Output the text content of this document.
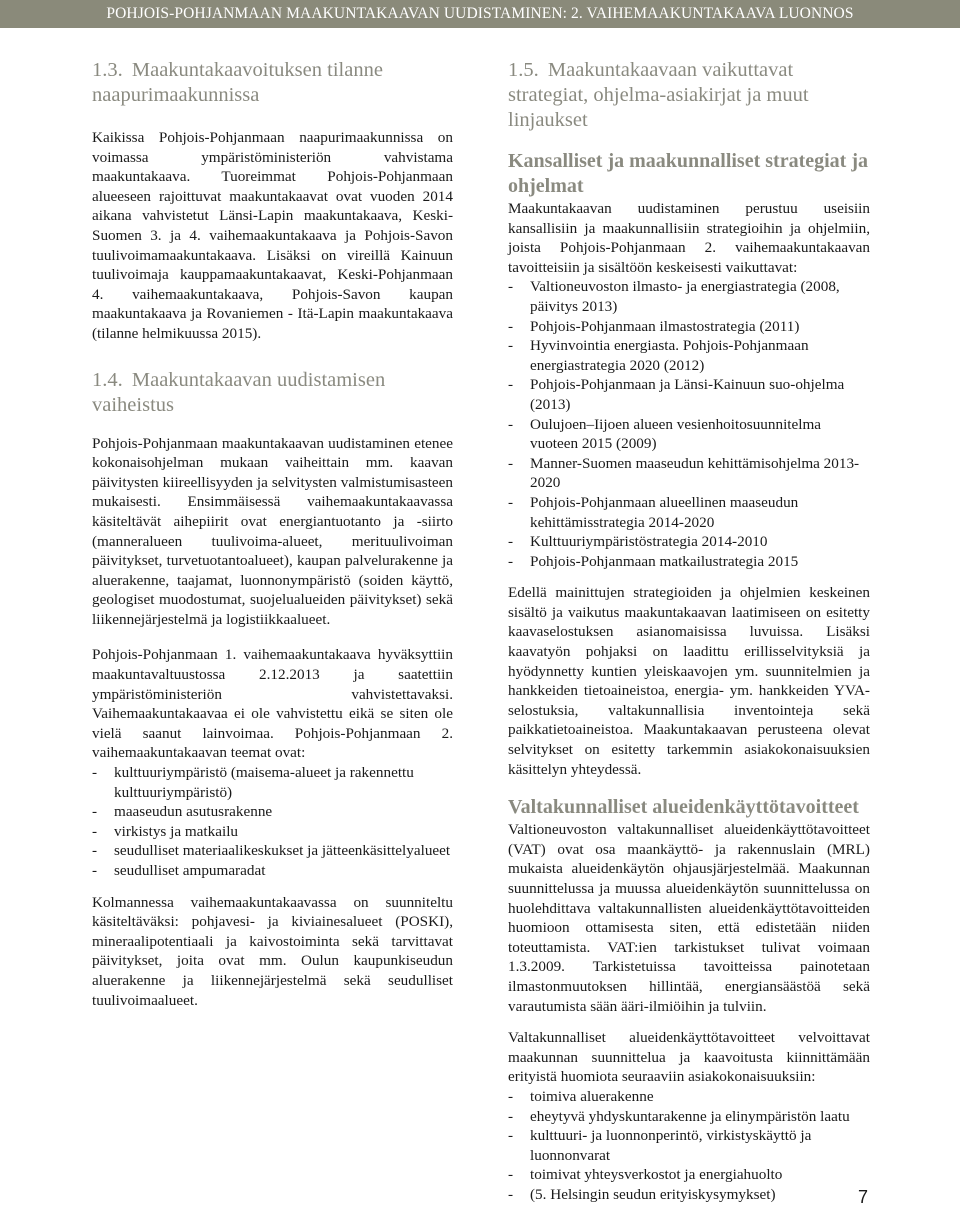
POHJOIS-POHJANMAAN MAAKUNTAKAAVAN UUDISTAMINEN: 2. VAIHEMAAKUNTAKAAVA LUONNOS
1.3. Maakuntakaavoituksen tilanne naapurimaakunnissa

Kaikissa Pohjois-Pohjanmaan naapurimaakunnissa on voimassa ympäristöministeriön vahvistama maakuntakaava. Tuoreimmat Pohjois-Pohjanmaan alueeseen rajoittuvat maakuntakaavat ovat vuoden 2014 aikana vahvistetut Länsi-Lapin maakuntakaava, Keski-Suomen 3. ja 4. vaihemaakuntakaava ja Pohjois-Savon tuulivoimamaakuntakaava. Lisäksi on vireillä Kainuun tuulivoimaja kauppamaakuntakaavat, Keski-Pohjanmaan 4. vaihemaakuntakaava, Pohjois-Savon kaupan maakuntakaava ja Rovaniemen - Itä-Lapin maakuntakaava (tilanne helmikuussa 2015).

1.4. Maakuntakaavan uudistamisen vaiheistus

Pohjois-Pohjanmaan maakuntakaavan uudistaminen etenee kokonaisohjelman mukaan vaiheittain mm. kaavan päivitysten kiireellisyyden ja selvitysten valmistumisasteen mukaisesti. Ensimmäisessä vaihemaakuntakaavassa käsiteltävät aihepiirit ovat energiantuotanto ja -siirto (manneralueen tuulivoima-alueet, merituulivoiman päivitykset, turvetuotantoalueet), kaupan palvelurakenne ja aluerakenne, taajamat, luonnonympäristö (soiden käyttö, geologiset muodostumat, suojelualueiden päivitykset) sekä liikennejärjestelmä ja logistiikkaalueet.

Pohjois-Pohjanmaan 1. vaihemaakuntakaava hyväksyttiin maakuntavaltuustossa 2.12.2013 ja saatettiin ympäristöministeriön vahvistettavaksi. Vaihemaakuntakaavaa ei ole vahvistettu eikä se siten ole vielä saanut lainvoimaa. Pohjois-Pohjanmaan 2. vaihemaakuntakaavan teemat ovat:

- kulttuuriympäristö (maisema-alueet ja rakennettu kulttuuriympäristö)
- maaseudun asutusrakenne
- virkistys ja matkailu
- seudulliset materiaalikeskukset ja jätteenkäsittelyalueet
- seudulliset ampumaradat

Kolmannessa vaihemaakuntakaavassa on suunniteltu käsiteltäväksi: pohjavesi- ja kiviainesalueet (POSKI), mineraalipotentiaali ja kaivostoiminta sekä tarvittavat päivitykset, joita ovat mm. Oulun kaupunkiseudun aluerakenne ja liikennejärjestelmä sekä seudulliset tuulivoimaalueet.

1.5. Maakuntakaavaan vaikuttavat strategiat, ohjelma-asiakirjat ja muut linjaukset
Kansalliset ja maakunnalliset strategiat ja ohjelmat

Maakuntakaavan uudistaminen perustuu useisiin kansallisiin ja maakunnallisiin strategioihin ja ohjelmiin, joista Pohjois-Pohjanmaan 2. vaihemaakuntakaavan tavoitteisiin ja sisältöön keskeisesti vaikuttavat:

- Valtioneuvoston ilmasto- ja energiastrategia (2008, päivitys 2013)
- Pohjois-Pohjanmaan ilmastostrategia (2011)
- Hyvinvointia energiasta. Pohjois-Pohjanmaan energiastrategia 2020 (2012)
- Pohjois-Pohjanmaan ja Länsi-Kainuun suo-ohjelma (2013)
- Oulujoen–Iijoen alueen vesienhoitosuunnitelma vuoteen 2015 (2009)
- Manner-Suomen maaseudun kehittämisohjelma 2013-2020
- Pohjois-Pohjanmaan alueellinen maaseudun kehittämisstrategia 2014-2020
- Kulttuuriympäristöstrategia 2014-2010
- Pohjois-Pohjanmaan matkailustrategia 2015

Edellä mainittujen strategioiden ja ohjelmien keskeinen sisältö ja vaikutus maakuntakaavan laatimiseen on esitetty kaavaselostuksen asianomaisissa luvuissa. Lisäksi kaavatyön pohjaksi on laadittu erillisselvityksiä ja hyödynnetty kuntien yleiskaavojen ym. suunnitelmien ja hankkeiden tietoaineistoa, energia- ym. hankkeiden YVA-selostuksia, valtakunnallisia inventointeja sekä paikkatietoaineistoa. Maakuntakaavan perusteena olevat selvitykset on esitetty tarkemmin asiakokonaisuuksien käsittelyn yhteydessä.

Valtakunnalliset alueidenkäyttötavoitteet

Valtioneuvoston valtakunnalliset alueidenkäyttötavoitteet (VAT) ovat osa maankäyttö- ja rakennuslain (MRL) mukaista alueidenkäytön ohjausjärjestelmää. Maakunnan suunnittelussa ja muussa alueidenkäytön suunnittelussa on huolehdittava valtakunnallisten alueidenkäyttötavoitteiden huomioon ottamisesta siten, että edistetään niiden toteuttamista. VAT:ien tarkistukset tulivat voimaan 1.3.2009. Tarkistetuissa tavoitteissa painotetaan ilmastonmuutoksen hillintää, energiansäästöä sekä varautumista sään ääri-ilmiöihin ja tulviin.

Valtakunnalliset alueidenkäyttötavoitteet velvoittavat maakunnan suunnittelua ja kaavoitusta kiinnittämään erityistä huomiota seuraaviin asiakokonaisuuksiin:

- toimiva aluerakenne
- eheytyvä yhdyskuntarakenne ja elinympäristön laatu
- kulttuuri- ja luonnonperintö, virkistyskäyttö ja luonnonvarat
- toimivat yhteysverkostot ja energiahuolto
- (5. Helsingin seudun erityiskysymykset)	7
